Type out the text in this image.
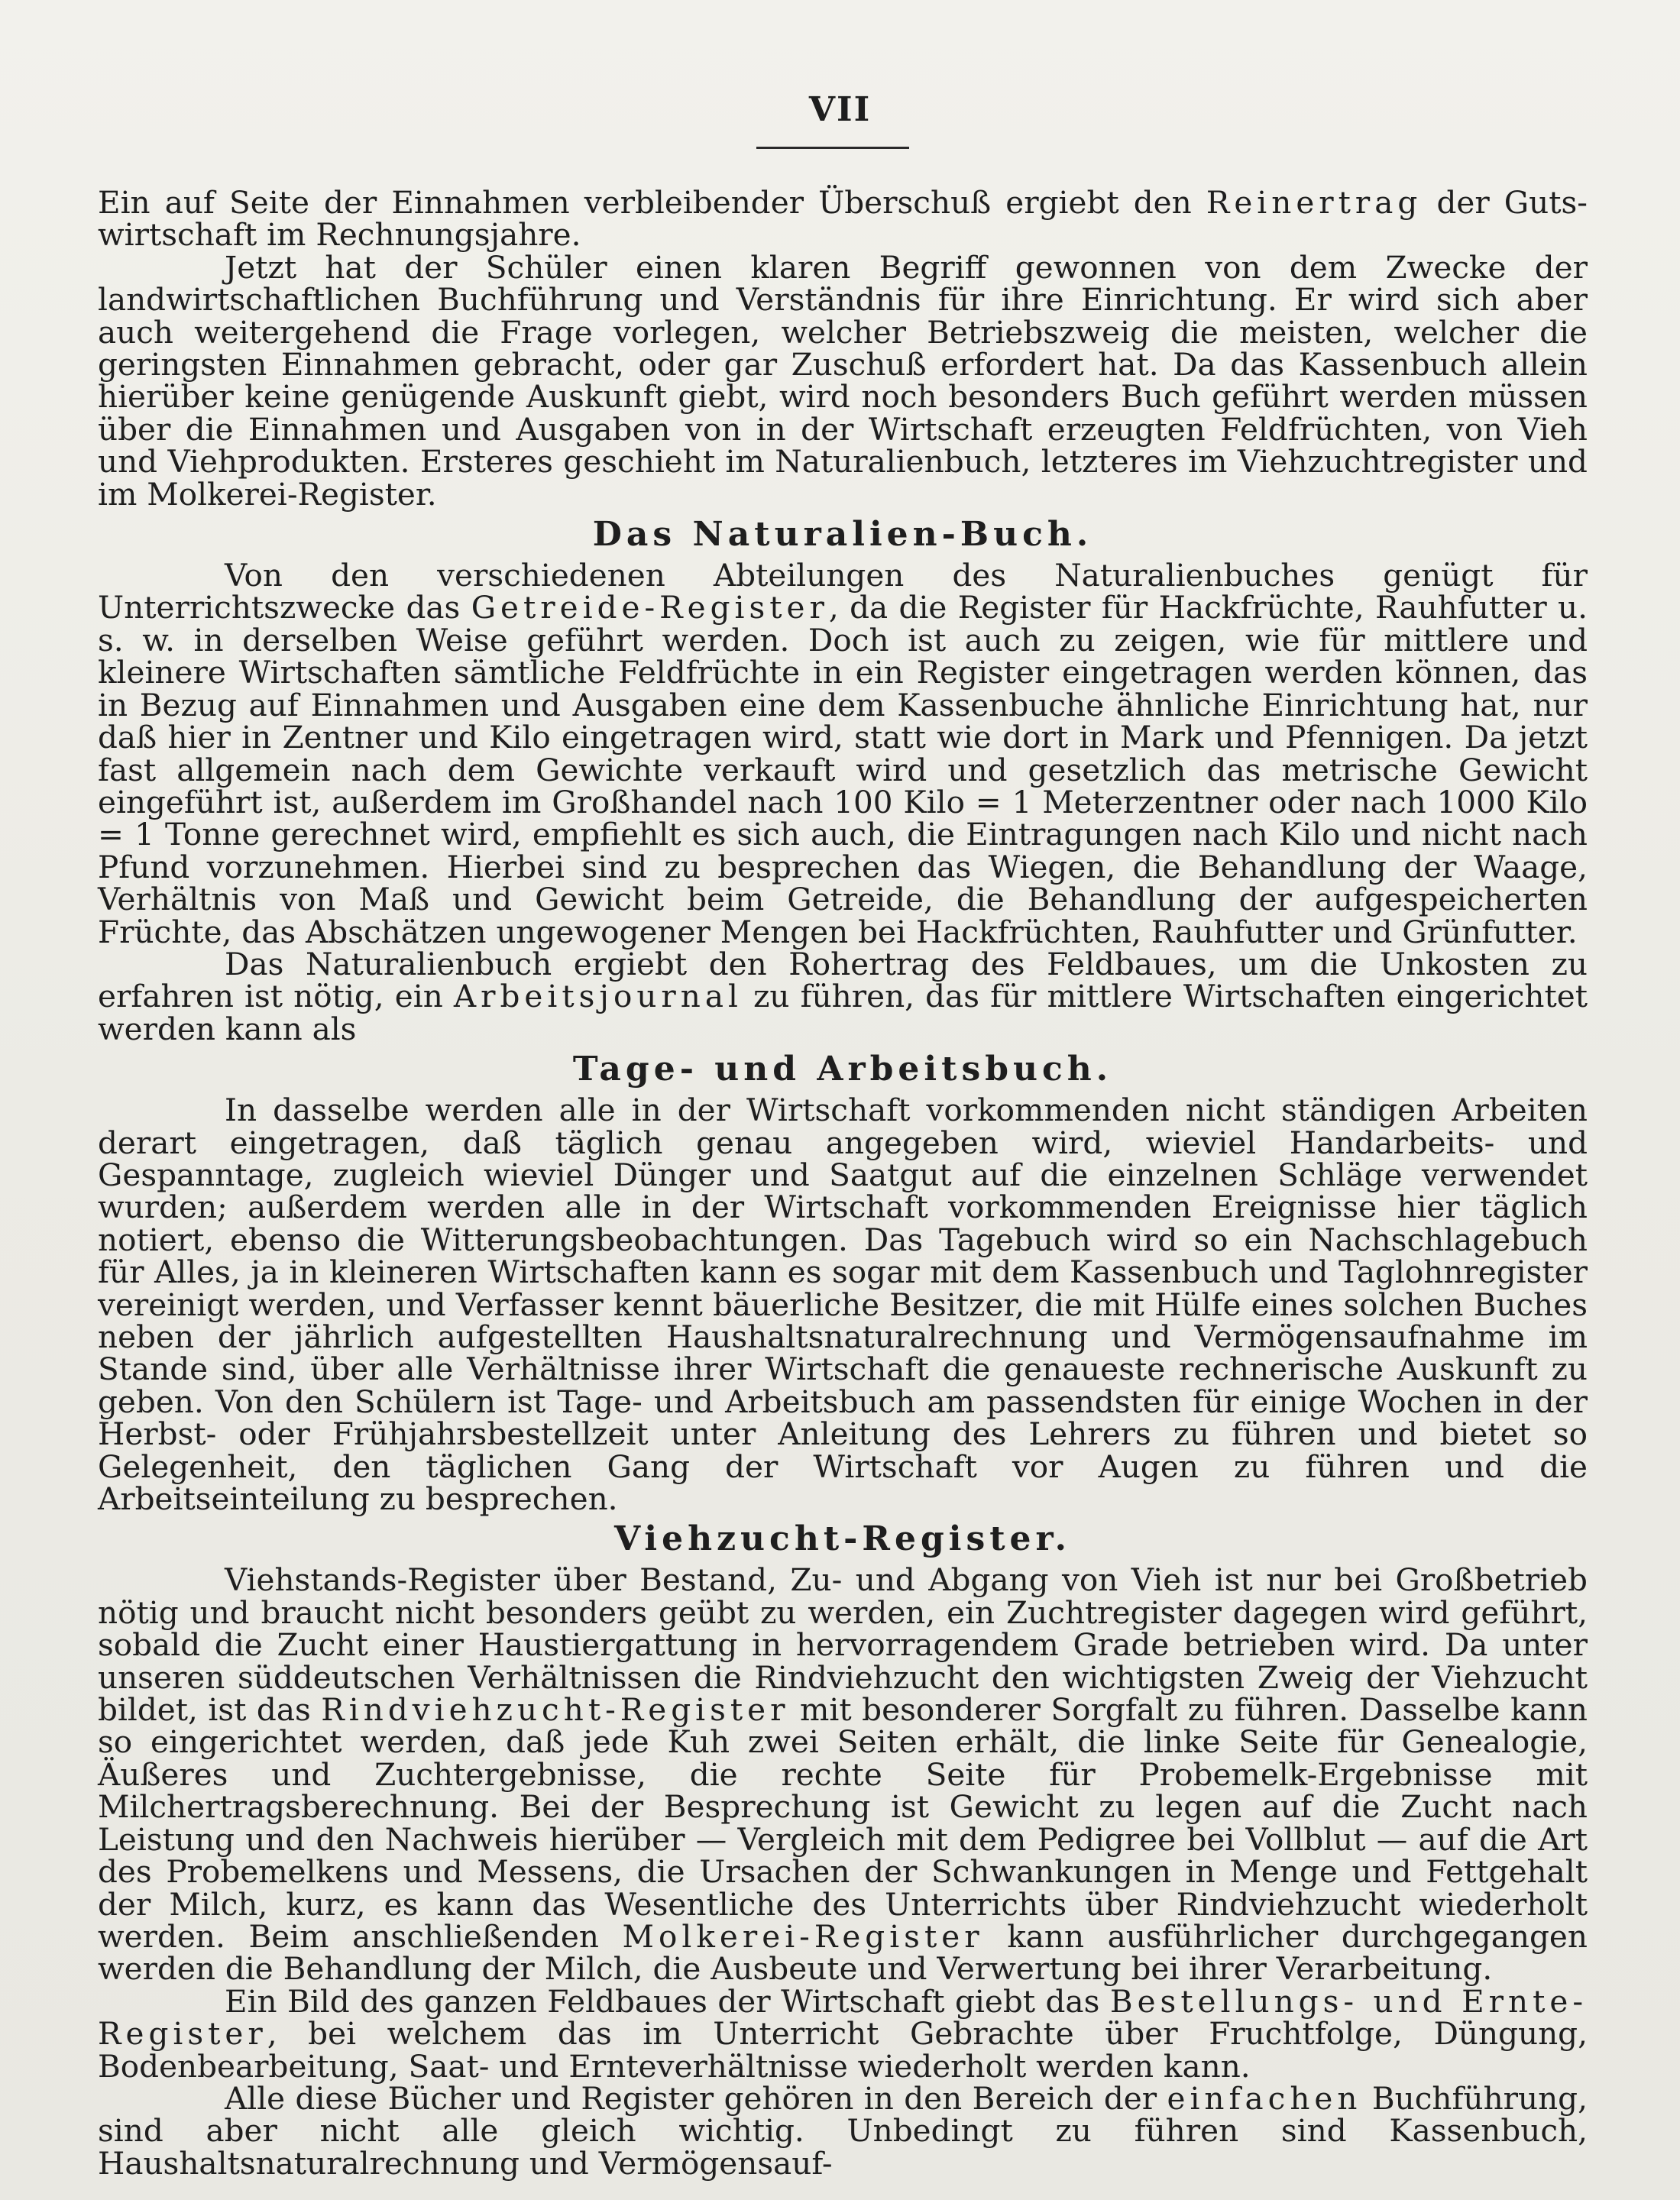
VII

Ein auf Seite der Einnahmen verbleibender Überschuß ergiebt den Reinertrag der Guts-wirtschaft im Rechnungsjahre.

Jetzt hat der Schüler einen klaren Begriff gewonnen von dem Zwecke der landwirtschaftlichen Buchführung und Verständnis für ihre Einrichtung. Er wird sich aber auch weitergehend die Frage vorlegen, welcher Betriebszweig die meisten, welcher die geringsten Einnahmen gebracht, oder gar Zuschuß erfordert hat. Da das Kassenbuch allein hierüber keine genügende Auskunft giebt, wird noch besonders Buch geführt werden müssen über die Einnahmen und Ausgaben von in der Wirtschaft erzeugten Feldfrüchten, von Vieh und Viehprodukten. Ersteres geschieht im Naturalienbuch, letzteres im Viehzuchtregister und im Molkerei-Register.

Das Naturalien-Buch.

Von den verschiedenen Abteilungen des Naturalienbuches genügt für Unterrichtszwecke das Getreide-Register, da die Register für Hackfrüchte, Rauhfutter u. s. w. in derselben Weise geführt werden. Doch ist auch zu zeigen, wie für mittlere und kleinere Wirtschaften sämtliche Feldfrüchte in ein Register eingetragen werden können, das in Bezug auf Einnahmen und Ausgaben eine dem Kassenbuche ähnliche Einrichtung hat, nur daß hier in Zentner und Kilo eingetragen wird, statt wie dort in Mark und Pfennigen. Da jetzt fast allgemein nach dem Gewichte verkauft wird und gesetzlich das metrische Gewicht eingeführt ist, außerdem im Großhandel nach 100 Kilo = 1 Meterzentner oder nach 1000 Kilo = 1 Tonne gerechnet wird, empfiehlt es sich auch, die Eintragungen nach Kilo und nicht nach Pfund vorzunehmen. Hierbei sind zu besprechen das Wiegen, die Behandlung der Waage, Verhältnis von Maß und Gewicht beim Getreide, die Behandlung der aufgespeicherten Früchte, das Abschätzen ungewogener Mengen bei Hackfrüchten, Rauhfutter und Grünfutter.

Das Naturalienbuch ergiebt den Rohertrag des Feldbaues, um die Unkosten zu erfahren ist nötig, ein Arbeitsjournal zu führen, das für mittlere Wirtschaften eingerichtet werden kann als

Tage- und Arbeitsbuch.

In dasselbe werden alle in der Wirtschaft vorkommenden nicht ständigen Arbeiten derart eingetragen, daß täglich genau angegeben wird, wieviel Handarbeits- und Gespanntage, zugleich wieviel Dünger und Saatgut auf die einzelnen Schläge verwendet wurden; außerdem werden alle in der Wirtschaft vorkommenden Ereignisse hier täglich notiert, ebenso die Witterungsbeobachtungen. Das Tagebuch wird so ein Nachschlagebuch für Alles, ja in kleineren Wirtschaften kann es sogar mit dem Kassenbuch und Taglohnregister vereinigt werden, und Verfasser kennt bäuerliche Besitzer, die mit Hülfe eines solchen Buches neben der jährlich aufgestellten Haushaltsnaturalrechnung und Vermögensaufnahme im Stande sind, über alle Verhältnisse ihrer Wirtschaft die genaueste rechnerische Auskunft zu geben. Von den Schülern ist Tage- und Arbeitsbuch am passendsten für einige Wochen in der Herbst- oder Frühjahrsbestellzeit unter Anleitung des Lehrers zu führen und bietet so Gelegenheit, den täglichen Gang der Wirtschaft vor Augen zu führen und die Arbeitseinteilung zu besprechen.

Viehzucht-Register.

Viehstands-Register über Bestand, Zu- und Abgang von Vieh ist nur bei Großbetrieb nötig und braucht nicht besonders geübt zu werden, ein Zuchtregister dagegen wird geführt, sobald die Zucht einer Haustiergattung in hervorragendem Grade betrieben wird. Da unter unseren süddeutschen Verhältnissen die Rindviehzucht den wichtigsten Zweig der Viehzucht bildet, ist das Rindviehzucht-Register mit besonderer Sorgfalt zu führen. Dasselbe kann so eingerichtet werden, daß jede Kuh zwei Seiten erhält, die linke Seite für Genealogie, Äußeres und Zuchtergebnisse, die rechte Seite für Probemelk-Ergebnisse mit Milchertragsberechnung. Bei der Besprechung ist Gewicht zu legen auf die Zucht nach Leistung und den Nachweis hierüber — Vergleich mit dem Pedigree bei Vollblut — auf die Art des Probemelkens und Messens, die Ursachen der Schwankungen in Menge und Fettgehalt der Milch, kurz, es kann das Wesentliche des Unterrichts über Rindviehzucht wiederholt werden. Beim anschließenden Molkerei-Register kann ausführlicher durchgegangen werden die Behandlung der Milch, die Ausbeute und Verwertung bei ihrer Verarbeitung.

Ein Bild des ganzen Feldbaues der Wirtschaft giebt das Bestellungs- und Ernte-Register, bei welchem das im Unterricht Gebrachte über Fruchtfolge, Düngung, Bodenbearbeitung, Saat- und Ernteverhältnisse wiederholt werden kann.

Alle diese Bücher und Register gehören in den Bereich der einfachen Buchführung, sind aber nicht alle gleich wichtig. Unbedingt zu führen sind Kassenbuch, Haushaltsnaturalrechnung und Vermögensauf-
